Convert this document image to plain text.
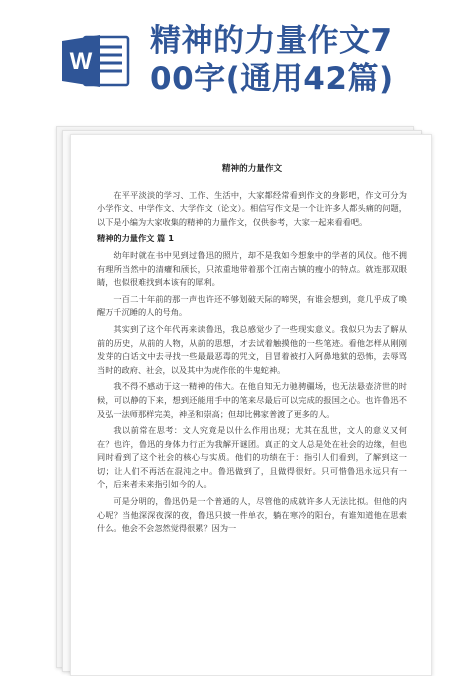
W
精神的力量作文7
00字(通用42篇)
精神的力量作文

在平平淡淡的学习、工作、生活中，大家都经常看到作文的身影吧，作文可分为小学作文、中学作文、大学作文（论文）。相信写作文是一个让许多人都头痛的问题，以下是小编为大家收集的精神的力量作文，仅供参考，大家一起来看看吧。

精神的力量作文 篇 1

幼年时就在书中见到过鲁迅的照片，却不是我如今想象中的学者的风仪。他不拥有理所当然中的清癯和颀长，只浓重地带着那个江南古镇的瘦小的特点。就连那双眼睛，也似很难找到本该有的犀利。

一百二十年前的那一声也许还不够划破天际的啼哭，有谁会想到，竟几乎成了唤醒万千沉睡的人的号角。

其实到了这个年代再来读鲁迅，我总感觉少了一些现实意义。我似只为去了解从前的历史，从前的人物，从前的思想，才去试着触摸他的一些笔迹。看他怎样从刚刚发芽的白话文中去寻找一些最最恶毒的咒文，目冒着被打入阿鼻地狱的恐怖，去辱骂当时的政府、社会，以及其中为虎作伥的牛鬼蛇神。

我不得不感动于这一精神的伟大。在他自知无力驰骋疆场，也无法悬壶济世的时候，可以静的下来，想到还能用手中的笔来尽最后可以完成的报国之心。也许鲁迅不及弘一法师那样完美，神圣和崇高；但却比佛家普渡了更多的人。

我以前常在思考：文人究竟是以什么作用出现；尤其在乱世，文人的意义又何在？也许，鲁迅的身体力行正为我解开谜团。真正的文人总是处在社会的边缘，但也同时看到了这个社会的核心与实质。他们的功绩在于：指引人们看到，了解到这一切；让人们不再活在混沌之中。鲁迅做到了，且做得很好。只可惜鲁迅永远只有一个，后来者未来指引如今的人。

可是分明的，鲁迅仍是一个普通的人，尽管他的成就许多人无法比拟。但他的内心呢？当他深深夜深的夜，鲁迅只披一件单衣，躺在寒冷的阳台，有谁知道他在思索什么。他会不会忽然觉得很累？因为一
